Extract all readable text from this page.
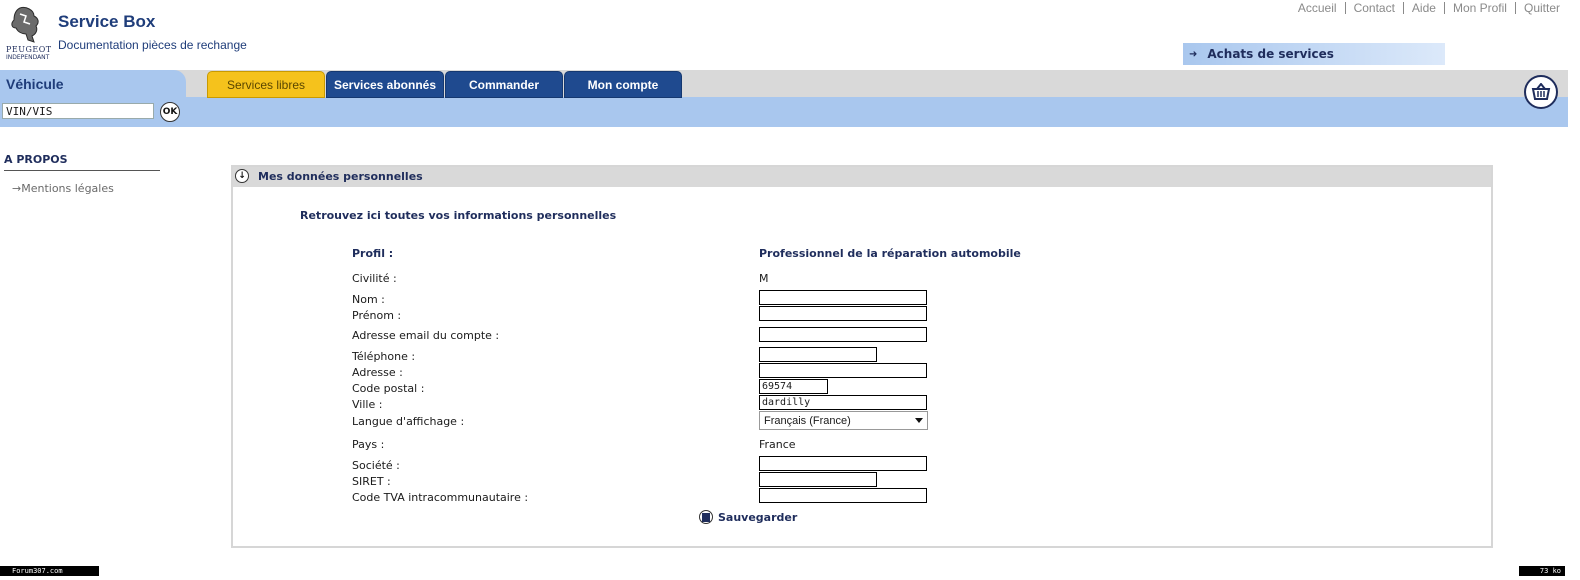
PEUGEOT
INDEPENDANT
Service Box
Documentation pièces de rechange
Accueil	Contact	Aide	Mon Profil	Quitter
➜ Achats de services
Véhicule	Services libres	Services abonnés	Commander	Mon compte
VIN/VIS	OK
A PROPOS
→Mentions légales
↓ Mes données personnelles
Retrouvez ici toutes vos informations personnelles
Profil :	Professionnel de la réparation automobile
Civilité :	M
Nom :
Prénom :
Adresse email du compte :
Téléphone :
Adresse :
Code postal :	69574
Ville :	dardilly
Langue d'affichage :	Français (France)
Pays :	France
Société :
SIRET :
Code TVA intracommunautaire :
Sauvegarder
Forum307.com	73 ko
